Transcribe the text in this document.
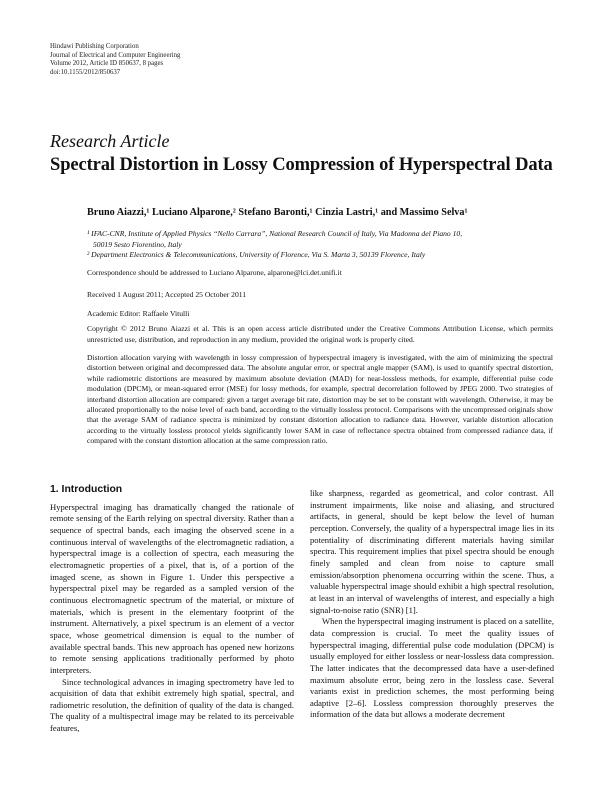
Hindawi Publishing Corporation
Journal of Electrical and Computer Engineering
Volume 2012, Article ID 850637, 8 pages
doi:10.1155/2012/850637
Research Article
Spectral Distortion in Lossy Compression of Hyperspectral Data
Bruno Aiazzi,¹ Luciano Alparone,² Stefano Baronti,¹ Cinzia Lastri,¹ and Massimo Selva¹
¹ IFAC-CNR, Institute of Applied Physics “Nello Carrara”, National Research Council of Italy, Via Madonna del Piano 10,
50019 Sesto Fiorentino, Italy
² Department Electronics & Telecommunications, University of Florence, Via S. Marta 3, 50139 Florence, Italy
Correspondence should be addressed to Luciano Alparone, alparone@lci.det.unifi.it
Received 1 August 2011; Accepted 25 October 2011
Academic Editor: Raffaele Vitulli
Copyright © 2012 Bruno Aiazzi et al. This is an open access article distributed under the Creative Commons Attribution License, which permits unrestricted use, distribution, and reproduction in any medium, provided the original work is properly cited.
Distortion allocation varying with wavelength in lossy compression of hyperspectral imagery is investigated, with the aim of minimizing the spectral distortion between original and decompressed data. The absolute angular error, or spectral angle mapper (SAM), is used to quantify spectral distortion, while radiometric distortions are measured by maximum absolute deviation (MAD) for near-lossless methods, for example, differential pulse code modulation (DPCM), or mean-squared error (MSE) for lossy methods, for example, spectral decorrelation followed by JPEG 2000. Two strategies of interband distortion allocation are compared: given a target average bit rate, distortion may be set to be constant with wavelength. Otherwise, it may be allocated proportionally to the noise level of each band, according to the virtually lossless protocol. Comparisons with the uncompressed originals show that the average SAM of radiance spectra is minimized by constant distortion allocation to radiance data. However, variable distortion allocation according to the virtually lossless protocol yields significantly lower SAM in case of reflectance spectra obtained from compressed radiance data, if compared with the constant distortion allocation at the same compression ratio.
1. Introduction

Hyperspectral imaging has dramatically changed the rationale of remote sensing of the Earth relying on spectral diversity. Rather than a sequence of spectral bands, each imaging the observed scene in a continuous interval of wavelengths of the electromagnetic radiation, a hyperspectral image is a collection of spectra, each measuring the electromagnetic properties of a pixel, that is, of a portion of the imaged scene, as shown in Figure 1. Under this perspective a hyperspectral pixel may be regarded as a sampled version of the continuous electromagnetic spectrum of the material, or mixture of materials, which is present in the elementary footprint of the instrument. Alternatively, a pixel spectrum is an element of a vector space, whose geometrical dimension is equal to the number of available spectral bands. This new approach has opened new horizons to remote sensing applications traditionally performed by photo interpreters.

Since technological advances in imaging spectrometry have led to acquisition of data that exhibit extremely high spatial, spectral, and radiometric resolution, the definition of quality of the data is changed. The quality of a multispectral image may be related to its perceivable features,

like sharpness, regarded as geometrical, and color contrast. All instrument impairments, like noise and aliasing, and structured artifacts, in general, should be kept below the level of human perception. Conversely, the quality of a hyperspectral image lies in its potentiality of discriminating different materials having similar spectra. This requirement implies that pixel spectra should be enough finely sampled and clean from noise to capture small emission/absorption phenomena occurring within the scene. Thus, a valuable hyperspectral image should exhibit a high spectral resolution, at least in an interval of wavelengths of interest, and especially a high signal-to-noise ratio (SNR) [1].

When the hyperspectral imaging instrument is placed on a satellite, data compression is crucial. To meet the quality issues of hyperspectral imaging, differential pulse code modulation (DPCM) is usually employed for either lossless or near-lossless data compression. The latter indicates that the decompressed data have a user-defined maximum absolute error, being zero in the lossless case. Several variants exist in prediction schemes, the most performing being adaptive [2–6]. Lossless compression thoroughly preserves the information of the data but allows a moderate decrement
